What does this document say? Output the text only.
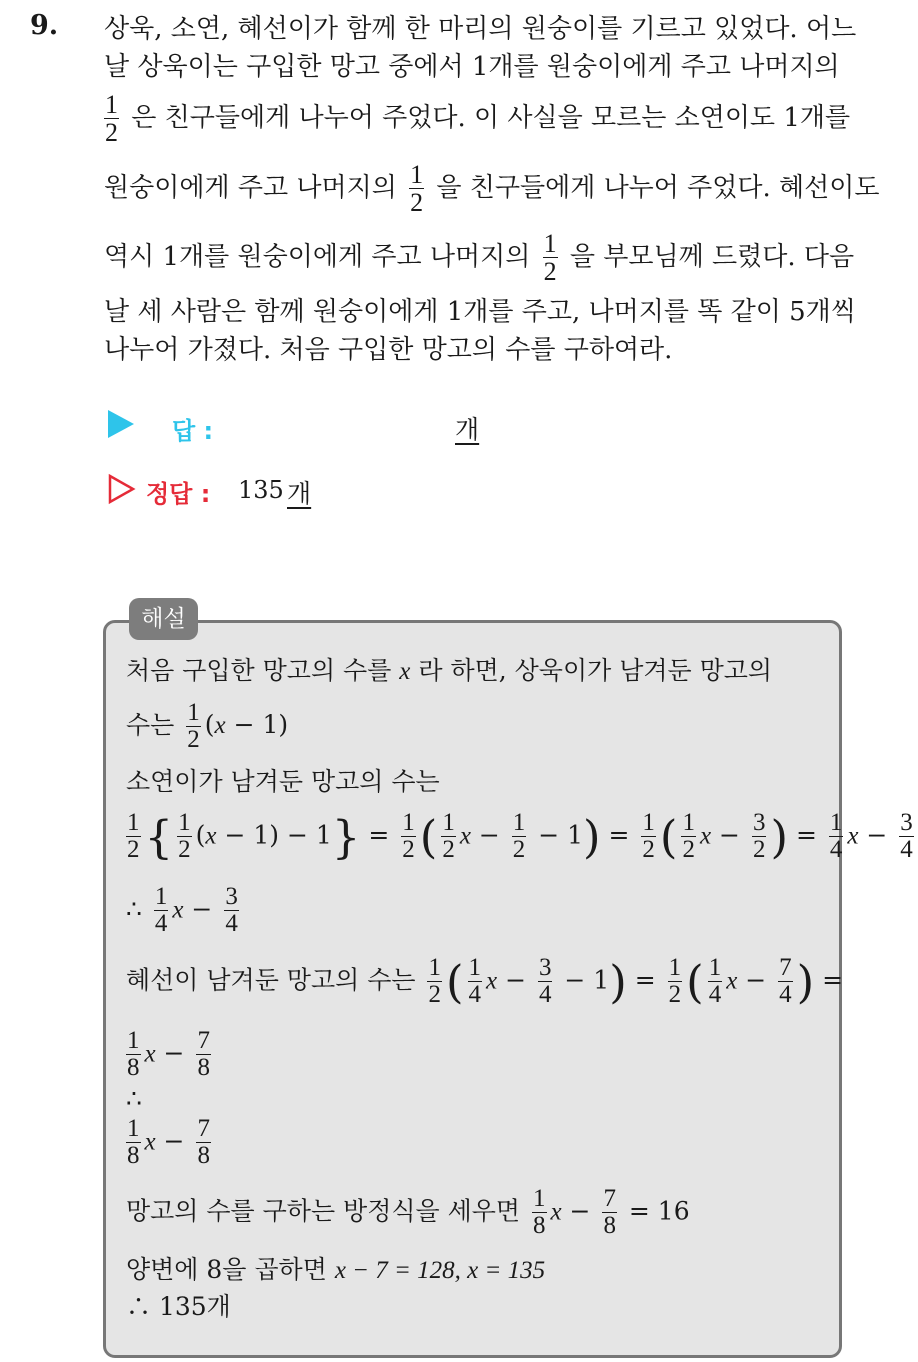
9. 상욱, 소연, 혜선이가 함께 한 마리의 원숭이를 기르고 있었다. 어느
날 상욱이는 구입한 망고 중에서 1개를 원숭이에게 주고 나머지의
$\frac{1}{2}$ 은 친구들에게 나누어 주었다. 이 사실을 모르는 소연이도 1개를
원숭이에게 주고 나머지의 $\frac{1}{2}$ 을 친구들에게 나누어 주었다. 혜선이도
역시 1개를 원숭이에게 주고 나머지의 $\frac{1}{2}$ 을 부모님께 드렸다. 다음
날 세 사람은 함께 원숭이에게 1개를 주고, 나머지를 똑 같이 5개씩
나누어 가졌다. 처음 구입한 망고의 수를 구하여라.
답 :	개
정답 : 135 개
해설
처음 구입한 망고의 수를 x 라 하면, 상욱이가 남겨둔 망고의
수는 $\frac{1}{2} (x - 1)$
소연이가 남겨둔 망고의 수는
$\frac{1}{2}$ { $\frac{1}{2} (x - 1) - 1\} = \frac{1}{2}$ ( $\frac{1}{2}$ $x - \frac{1}{2} - 1) = \frac{1}{2}$ ( $\frac{1}{2}$ $x - \frac{3}{2}$ ) = $\frac{1}{4}$ $x - \frac{3}{4}$
∴ $\frac{1}{4}$ $x - \frac{3}{4}$
혜선이 남겨둔 망고의 수는 $\frac{1}{2}$ ( $\frac{1}{4}$ $x - \frac{3}{4} - 1) = \frac{1}{2}$ ( $\frac{1}{4}$ $x - \frac{7}{4}$ ) =
$\frac{1}{8}$ $x - \frac{7}{8}$
∴
$\frac{1}{8}$ $x - \frac{7}{8}$
망고의 수를 구하는 방정식을 세우면 $\frac{1}{8}$ $x - \frac{7}{8} = 16$
양변에 8을 곱하면 x − 7 = 128, x = 135
∴ 135개
